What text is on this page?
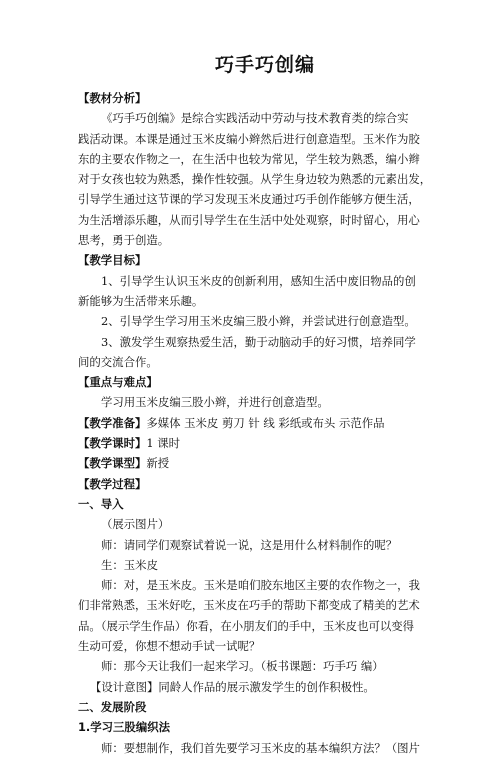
巧手巧创编

【教材分析】

《巧手巧创编》是综合实践活动中劳动与技术教育类的综合实

践活动课。本课是通过玉米皮编小辫然后进行创意造型。玉米作为胶

东的主要农作物之一，在生活中也较为常见，学生较为熟悉，编小辫

对于女孩也较为熟悉，操作性较强。从学生身边较为熟悉的元素出发，

引导学生通过这节课的学习发现玉米皮通过巧手创作能够方便生活，

为生活增添乐趣，从而引导学生在生活中处处观察，时时留心，用心

思考，勇于创造。

【教学目标】

1、引导学生认识玉米皮的创新利用，感知生活中废旧物品的创

新能够为生活带来乐趣。

2、引导学生学习用玉米皮编三股小辫，并尝试进行创意造型。

3、激发学生观察热爱生活，勤于动脑动手的好习惯，培养同学

间的交流合作。

【重点与难点】

学习用玉米皮编三股小辫，并进行创意造型。

【教学准备】多媒体 玉米皮 剪刀 针 线 彩纸或布头 示范作品

【教学课时】1 课时

【教学课型】新授

【教学过程】

一、导入

（展示图片）

师：请同学们观察试着说一说，这是用什么材料制作的呢？

生：玉米皮

师：对，是玉米皮。玉米是咱们胶东地区主要的农作物之一，我

们非常熟悉，玉米好吃，玉米皮在巧手的帮助下都变成了精美的艺术

品。（展示学生作品）你看，在小朋友们的手中，玉米皮也可以变得

生动可爱，你想不想动手试一试呢？

师：那今天让我们一起来学习。（板书课题：巧手巧 编）

【设计意图】同龄人作品的展示激发学生的创作积极性。

二、发展阶段

1.学习三股编织法

师：要想制作，我们首先要学习玉米皮的基本编织方法？（图片
